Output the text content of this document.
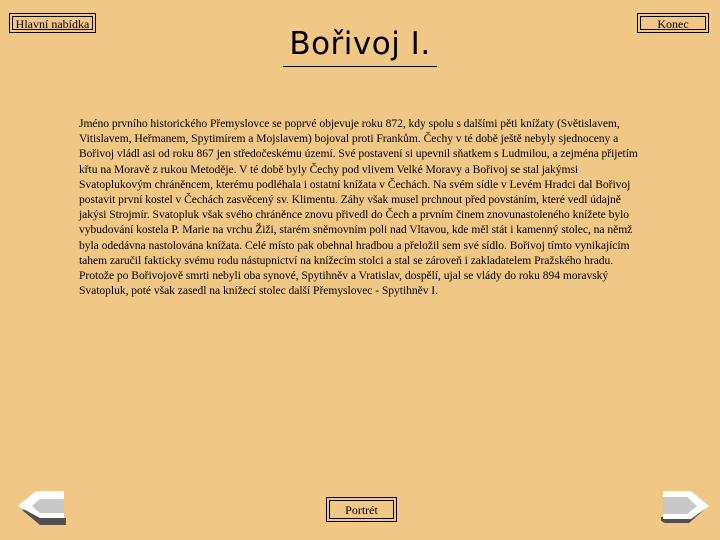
Hlavní nabídka	Konec
Bořivoj I.

Jméno prvního historického Přemyslovce se poprvé objevuje roku 872, kdy spolu s dalšími pěti knížaty (Světislavem, Vitislavem, Heřmanem, Spytimírem a Mojslavem) bojoval proti Frankům. Čechy v té době ještě nebyly sjednoceny a Bořivoj vládl asi od roku 867 jen středočeskému území. Své postavení si upevnil sňatkem s Ludmilou, a zejména přijetím křtu na Moravě z rukou Metoděje. V té době byly Čechy pod vlivem Velké Moravy a Bořivoj se stal jakýmsi Svatoplukovým chráněncem, kterému podléhala i ostatní knížata v Čechách. Na svém sídle v Levém Hradci dal Bořivoj postavit první kostel v Čechách zasvěcený sv. Klimentu. Záhy však musel prchnout před povstáním, které vedl údajně jakýsi Strojmír. Svatopluk však svého chráněnce znovu přivedl do Čech a prvním činem znovunastoleného knížete bylo vybudování kostela P. Marie na vrchu Žiži, starém sněmovním poli nad Vltavou, kde měl stát i kamenný stolec, na němž byla odedávna nastolována knížata. Celé místo pak obehnal hradbou a přeložil sem své sídlo. Bořivoj tímto vynikajícím tahem zaručil fakticky svému rodu nástupnictví na knížecím stolci a stal se zároveň i zakladatelem Pražského hradu. Protože po Bořivojově smrti nebyli oba synové, Spytihněv a Vratislav, dospělí, ujal se vlády do roku 894 moravský Svatopluk, poté však zasedl na knížecí stolec další Přemyslovec - Spytihněv I.

Portrét
